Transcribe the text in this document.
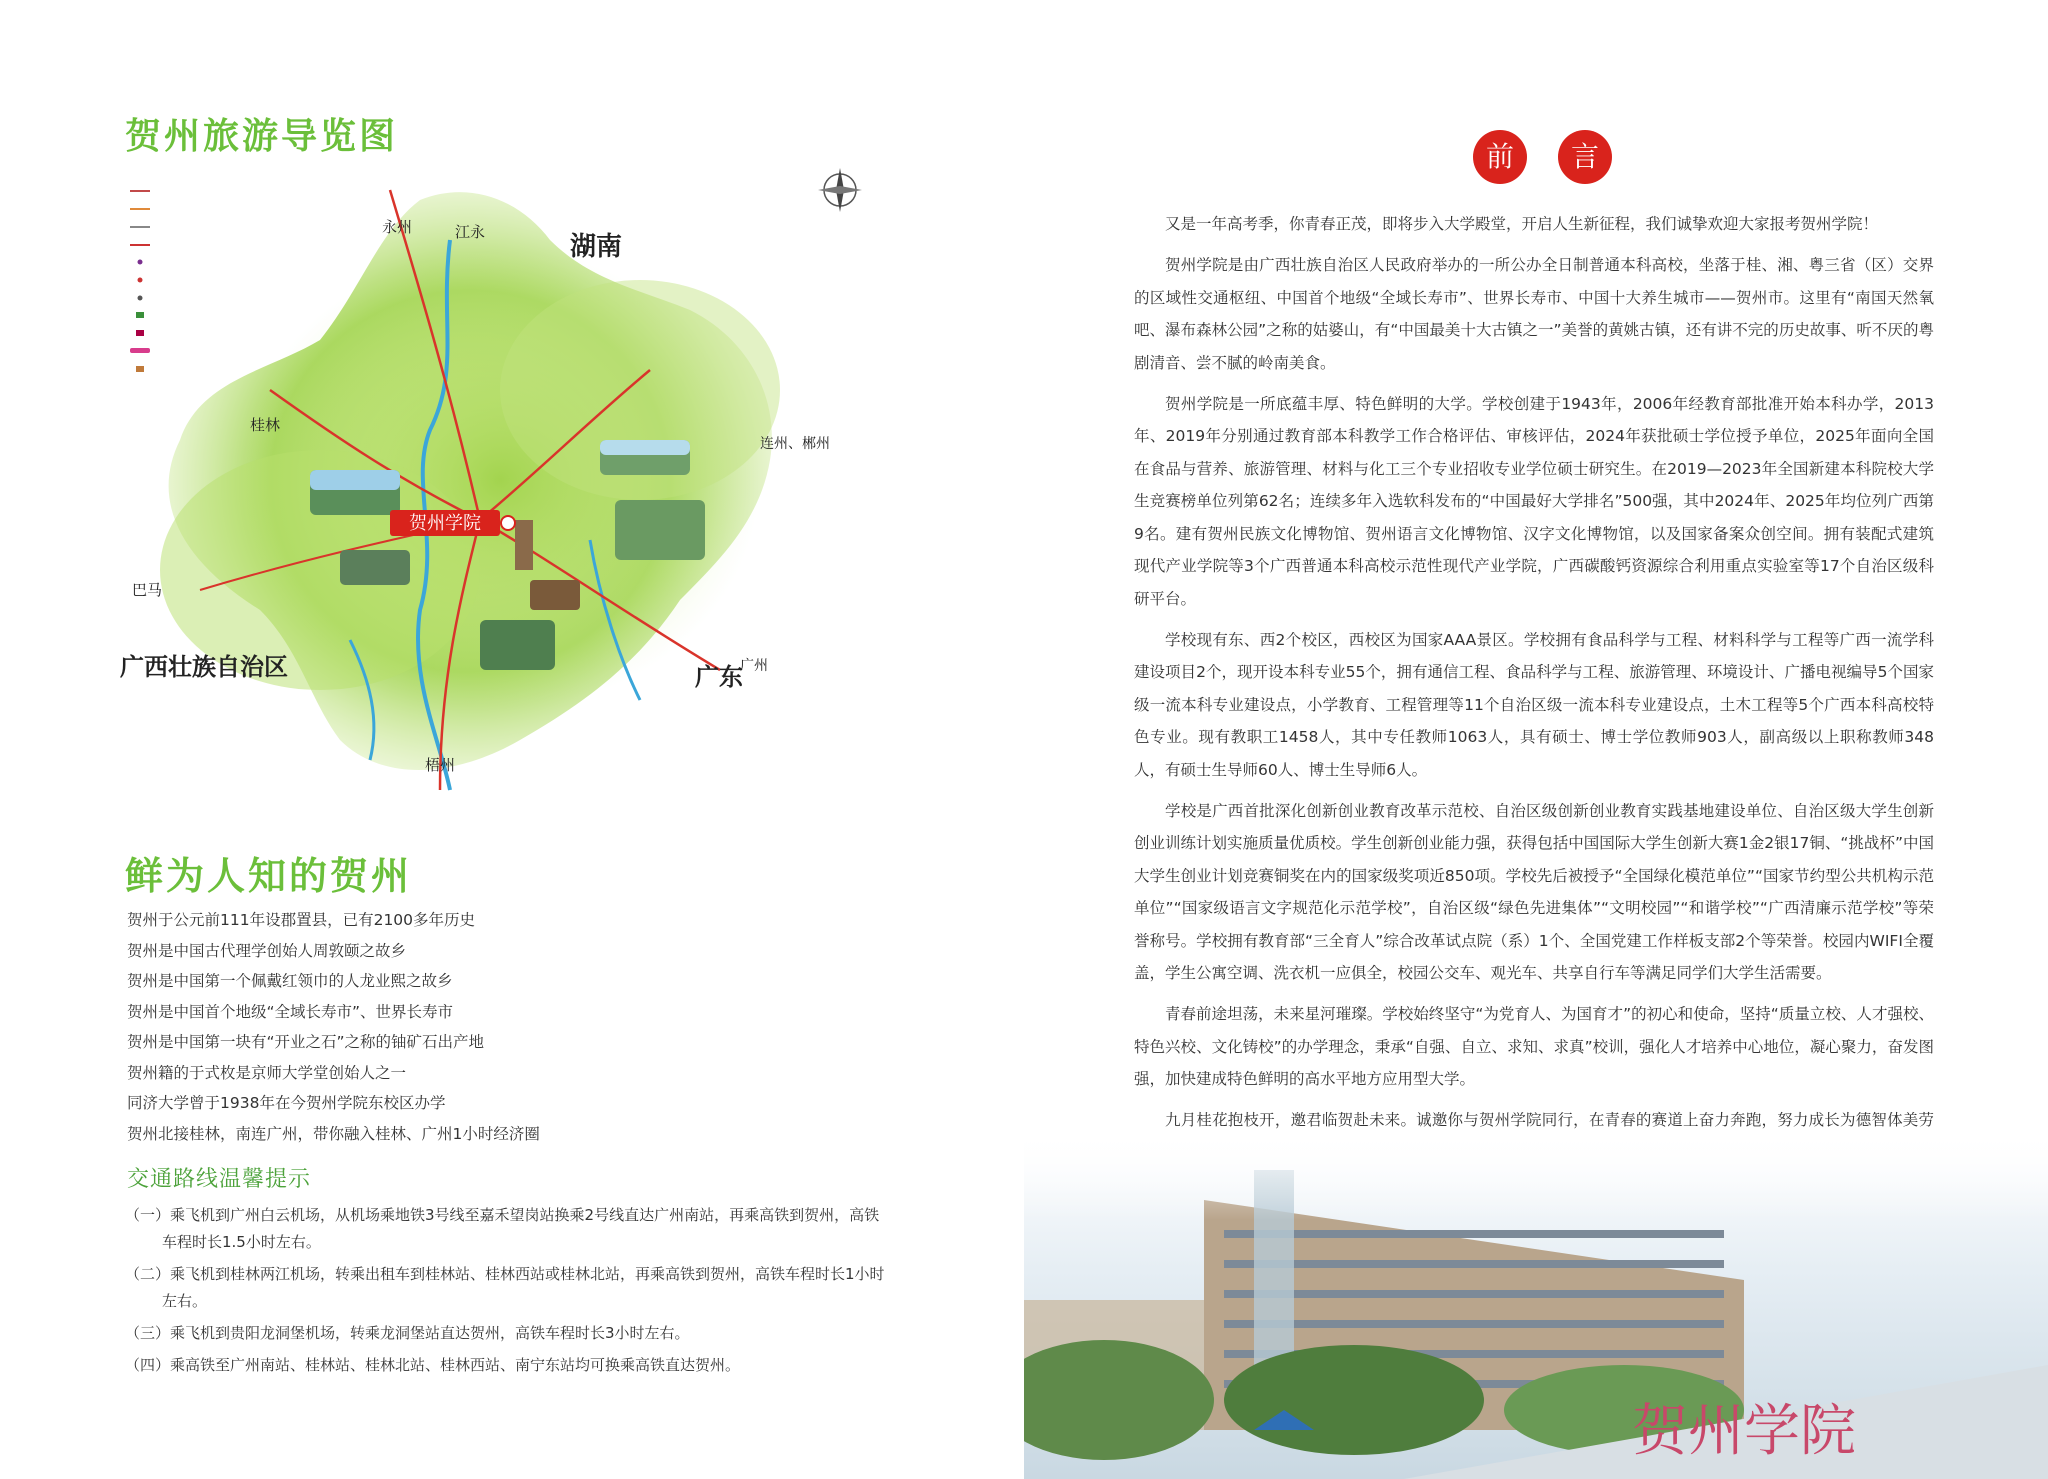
贺州旅游导览图
贺州学院
湖南
广西壮族自治区	广东
永州	江永
桂林
巴马
梧州
广州
连州、郴州
鲜为人知的贺州
贺州于公元前111年设郡置县，已有2100多年历史
贺州是中国古代理学创始人周敦颐之故乡
贺州是中国第一个佩戴红领巾的人龙业熙之故乡
贺州是中国首个地级“全域长寿市”、世界长寿市
贺州是中国第一块有“开业之石”之称的铀矿石出产地
贺州籍的于式枚是京师大学堂创始人之一
同济大学曾于1938年在今贺州学院东校区办学
贺州北接桂林，南连广州，带你融入桂林、广州1小时经济圈
交通路线温馨提示
（一）乘飞机到广州白云机场，从机场乘地铁3号线至嘉禾望岗站换乘2号线直达广州南站，再乘高铁到贺州，高铁车程时长1.5小时左右。
（二）乘飞机到桂林两江机场，转乘出租车到桂林站、桂林西站或桂林北站，再乘高铁到贺州，高铁车程时长1小时左右。
（三）乘飞机到贵阳龙洞堡机场，转乘龙洞堡站直达贺州，高铁车程时长3小时左右。
（四）乘高铁至广州南站、桂林站、桂林北站、桂林西站、南宁东站均可换乘高铁直达贺州。
前	言

又是一年高考季，你青春正茂，即将步入大学殿堂，开启人生新征程，我们诚挚欢迎大家报考贺州学院！

贺州学院是由广西壮族自治区人民政府举办的一所公办全日制普通本科高校，坐落于桂、湘、粤三省（区）交界的区域性交通枢纽、中国首个地级“全域长寿市”、世界长寿市、中国十大养生城市——贺州市。这里有“南国天然氧吧、瀑布森林公园”之称的姑婆山，有“中国最美十大古镇之一”美誉的黄姚古镇，还有讲不完的历史故事、听不厌的粤剧清音、尝不腻的岭南美食。

贺州学院是一所底蕴丰厚、特色鲜明的大学。学校创建于1943年，2006年经教育部批准开始本科办学，2013年、2019年分别通过教育部本科教学工作合格评估、审核评估，2024年获批硕士学位授予单位，2025年面向全国在食品与营养、旅游管理、材料与化工三个专业招收专业学位硕士研究生。在2019—2023年全国新建本科院校大学生竞赛榜单位列第62名；连续多年入选软科发布的“中国最好大学排名”500强，其中2024年、2025年均位列广西第9名。建有贺州民族文化博物馆、贺州语言文化博物馆、汉字文化博物馆，以及国家备案众创空间。拥有装配式建筑现代产业学院等3个广西普通本科高校示范性现代产业学院，广西碳酸钙资源综合利用重点实验室等17个自治区级科研平台。

学校现有东、西2个校区，西校区为国家AAA景区。学校拥有食品科学与工程、材料科学与工程等广西一流学科建设项目2个，现开设本科专业55个，拥有通信工程、食品科学与工程、旅游管理、环境设计、广播电视编导5个国家级一流本科专业建设点，小学教育、工程管理等11个自治区级一流本科专业建设点，土木工程等5个广西本科高校特色专业。现有教职工1458人，其中专任教师1063人，具有硕士、博士学位教师903人，副高级以上职称教师348人，有硕士生导师60人、博士生导师6人。

学校是广西首批深化创新创业教育改革示范校、自治区级创新创业教育实践基地建设单位、自治区级大学生创新创业训练计划实施质量优质校。学生创新创业能力强，获得包括中国国际大学生创新大赛1金2银17铜、“挑战杯”中国大学生创业计划竞赛铜奖在内的国家级奖项近850项。学校先后被授予“全国绿化模范单位”“国家节约型公共机构示范单位”“国家级语言文字规范化示范学校”，自治区级“绿色先进集体”“文明校园”“和谐学校”“广西清廉示范学校”等荣誉称号。学校拥有教育部“三全育人”综合改革试点院（系）1个、全国党建工作样板支部2个等荣誉。校园内WIFI全覆盖，学生公寓空调、洗衣机一应俱全，校园公交车、观光车、共享自行车等满足同学们大学生活需要。

青春前途坦荡，未来星河璀璨。学校始终坚守“为党育人、为国育才”的初心和使命，坚持“质量立校、人才强校、特色兴校、文化铸校”的办学理念，秉承“自强、自立、求知、求真”校训，强化人才培养中心地位，凝心聚力，奋发图强，加快建成特色鲜明的高水平地方应用型大学。

九月桂花抱枝开，邀君临贺赴未来。诚邀你与贺州学院同行，在青春的赛道上奋力奔跑，努力成长为德智体美劳

贺州学院
